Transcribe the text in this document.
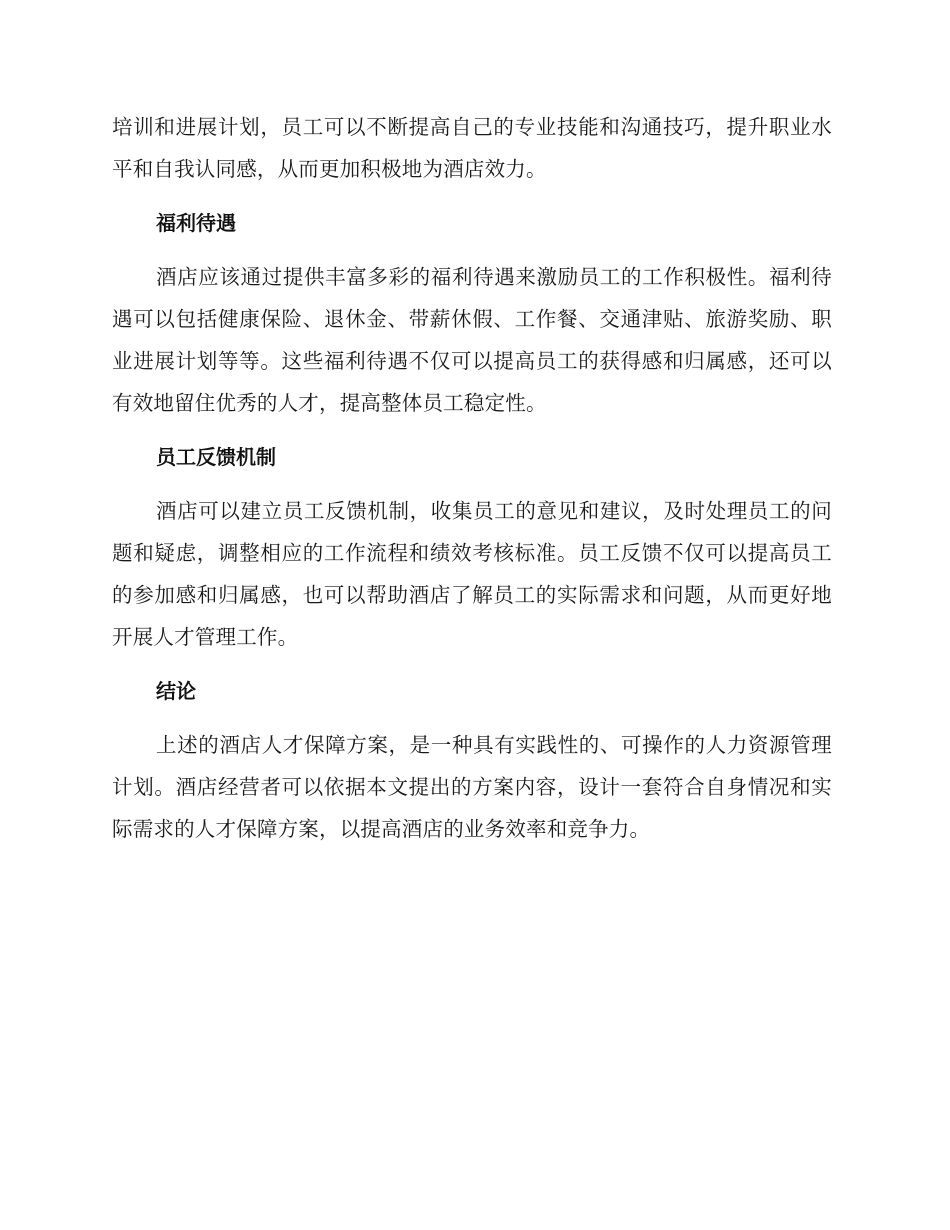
培训和进展计划，员工可以不断提高自己的专业技能和沟通技巧，提升职业水平和自我认同感，从而更加积极地为酒店效力。

福利待遇

酒店应该通过提供丰富多彩的福利待遇来激励员工的工作积极性。福利待遇可以包括健康保险、退休金、带薪休假、工作餐、交通津贴、旅游奖励、职业进展计划等等。这些福利待遇不仅可以提高员工的获得感和归属感，还可以有效地留住优秀的人才，提高整体员工稳定性。

员工反馈机制

酒店可以建立员工反馈机制，收集员工的意见和建议，及时处理员工的问题和疑虑，调整相应的工作流程和绩效考核标准。员工反馈不仅可以提高员工的参加感和归属感，也可以帮助酒店了解员工的实际需求和问题，从而更好地开展人才管理工作。

结论

上述的酒店人才保障方案，是一种具有实践性的、可操作的人力资源管理计划。酒店经营者可以依据本文提出的方案内容，设计一套符合自身情况和实际需求的人才保障方案，以提高酒店的业务效率和竞争力。
